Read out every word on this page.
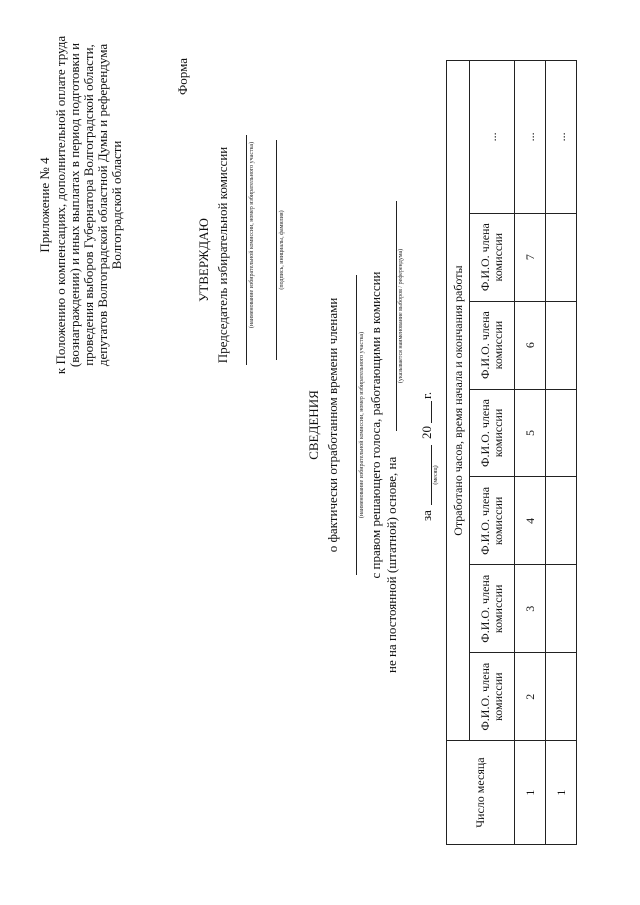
Приложение № 4 к Положению о компенсациях, дополнительной оплате труда (вознаграждении) и иных выплатах в период подготовки и проведения выборов Губернатора Волгоградской области, депутатов Волгоградской областной Думы и референдума Волгоградской области
Форма
УТВЕРЖДАЮ Председатель избирательной комиссии	(наименование избирательной комиссии, номер избирательного участка)	(подпись, инициалы, фамилия)
СВЕДЕНИЯ о фактически отработанном времени членами	(наименование избирательной комиссии, номер избирательного участка) с правом решающего голоса, работающими в комиссии не на постоянной (штатной) основе, на
(указывается наименование выборов / референдума)
за
20
г.
(месяц)
Число месяца	Отработано часов, время начала и окончания работы						
	Ф.И.О. члена комиссии	Ф.И.О. члена комиссии	Ф.И.О. члена комиссии	Ф.И.О. члена комиссии	Ф.И.О. члена комиссии	Ф.И.О. члена комиссии	...
1	2	3	4	5	6	7	...
1							...
